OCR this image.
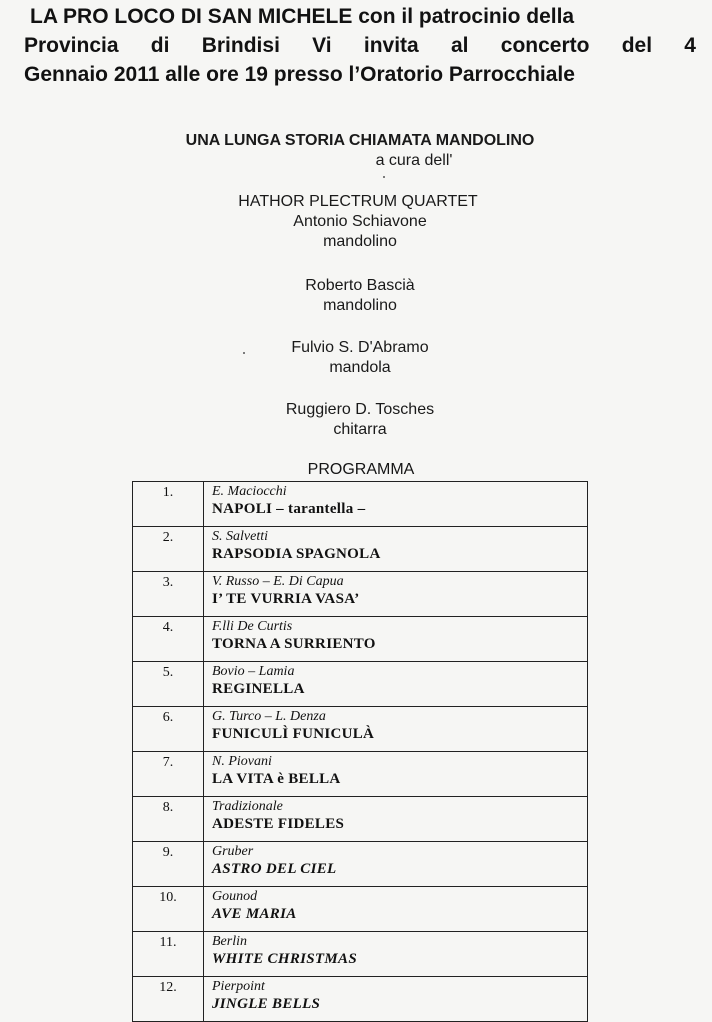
LA PRO LOCO DI SAN MICHELE con il patrocinio della
Provincia di Brindisi Vi invita al concerto del 4
Gennaio 2011 alle ore 19 presso l’Oratorio Parrocchiale
UNA LUNGA STORIA CHIAMATA MANDOLINO
a cura dell'
HATHOR PLECTRUM QUARTET
Antonio Schiavone
mandolino
Roberto Bascià
mandolino
Fulvio S. D'Abramo
mandola
Ruggiero D. Tosches
chitarra
PROGRAMMA
1.	E. Maciocchi
NAPOLI – tarantella –

2.	S. Salvetti
RAPSODIA SPAGNOLA

3.	V. Russo – E. Di Capua
I’ TE VURRIA VASA’

4.	F.lli De Curtis
TORNA A SURRIENTO

5.	Bovio – Lamia
REGINELLA

6.	G. Turco – L. Denza
FUNICULÌ FUNICULÀ

7.	N. Piovani
LA VITA è BELLA

8.	Tradizionale
ADESTE FIDELES

9.	Gruber
ASTRO DEL CIEL

10.	Gounod
AVE MARIA

11.	Berlin
WHITE CHRISTMAS

12.	Pierpoint
JINGLE BELLS
